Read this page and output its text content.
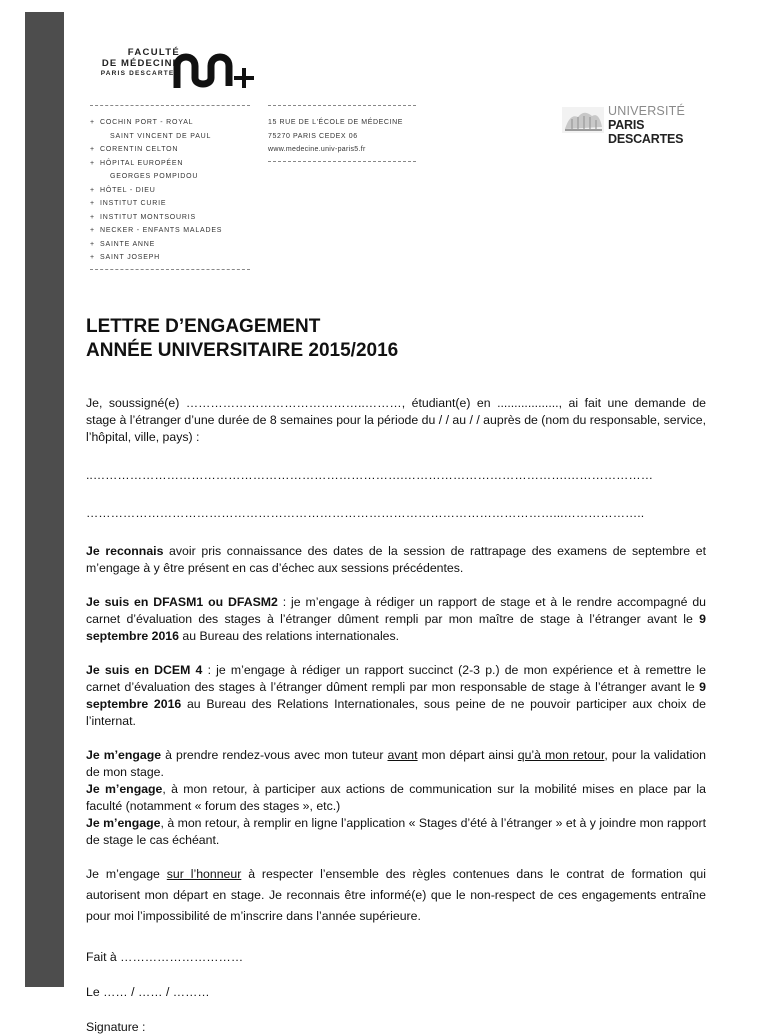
FACULTÉ
DE MÉDECINE
PARIS DESCARTES
+ COCHIN PORT - ROYAL
SAINT VINCENT DE PAUL
+ CORENTIN CELTON
+ HÔPITAL EUROPÉEN
GEORGES POMPIDOU
+ HÔTEL - DIEU
+ INSTITUT CURIE
+ INSTITUT MONTSOURIS
+ NECKER - ENFANTS MALADES
+ SAINTE ANNE
+ SAINT JOSEPH
15 RUE DE L'ÉCOLE DE MÉDECINE
75270 PARIS CEDEX 06
www.medecine.univ-paris5.fr
UNIVERSITÉ
PARIS DESCARTES
LETTRE D’ENGAGEMENT
ANNÉE UNIVERSITAIRE 2015/2016

Je, soussigné(e) ……………………………………..………, étudiant(e) en .................., ai fait une demande de stage à l’étranger d’une durée de 8 semaines pour la période du / / au / / auprès de (nom du responsable, service, l’hôpital, ville, pays) :

..………………………………………………………………….………………………………….…………………

……………………………………………………………………………………………………...………………..

Je reconnais avoir pris connaissance des dates de la session de rattrapage des examens de septembre et m’engage à y être présent en cas d’échec aux sessions précédentes.

Je suis en DFASM1 ou DFASM2 : je m’engage à rédiger un rapport de stage et à le rendre accompagné du carnet d’évaluation des stages à l’étranger dûment rempli par mon maître de stage à l’étranger avant le 9 septembre 2016 au Bureau des relations internationales.

Je suis en DCEM 4 : je m’engage à rédiger un rapport succinct (2-3 p.) de mon expérience et à remettre le carnet d’évaluation des stages à l’étranger dûment rempli par mon responsable de stage à l’étranger avant le 9 septembre 2016 au Bureau des Relations Internationales, sous peine de ne pouvoir participer aux choix de l’internat.

Je m’engage à prendre rendez-vous avec mon tuteur avant mon départ ainsi qu’à mon retour, pour la validation de mon stage.

Je m’engage, à mon retour, à participer aux actions de communication sur la mobilité mises en place par la faculté (notamment « forum des stages », etc.)

Je m’engage, à mon retour, à remplir en ligne l’application « Stages d’été à l’étranger » et à y joindre mon rapport de stage le cas échéant.

Je m’engage sur l’honneur à respecter l’ensemble des règles contenues dans le contrat de formation qui autorisent mon départ en stage. Je reconnais être informé(e) que le non-respect de ces engagements entraîne pour moi l’impossibilité de m’inscrire dans l’année supérieure.

Fait à …………………………

Le …… / …… / ………

Signature :
